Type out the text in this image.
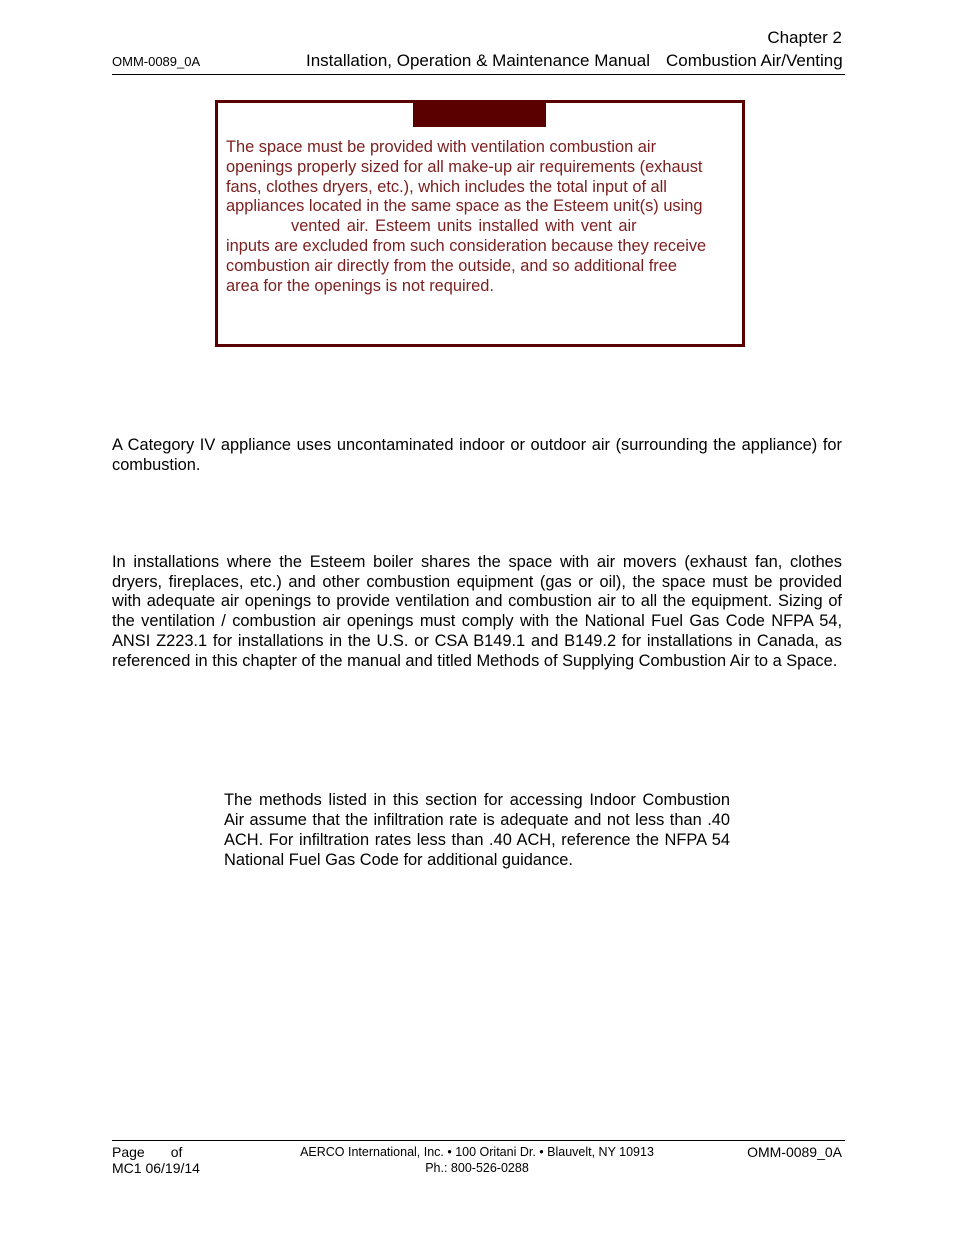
Chapter 2
OMM-0089_0A	Installation, Operation & Maintenance Manual Combustion Air/Venting

The space must be provided with ventilation combustion air

openings properly sized for all make-up air requirements (exhaust

fans, clothes dryers, etc.), which includes the total input of all

appliances located in the same space as the Esteem unit(s) using

vented air. Esteem units installed with vent air

inputs are excluded from such consideration because they receive

combustion air directly from the outside, and so additional free

area for the openings is not required.

A Category IV appliance uses uncontaminated indoor or outdoor air (surrounding the appliance) for combustion.

In installations where the Esteem boiler shares the space with air movers (exhaust fan, clothes dryers, fireplaces, etc.) and other combustion equipment (gas or oil), the space must be provided with adequate air openings to provide ventilation and combustion air to all the equipment. Sizing of the ventilation / combustion air openings must comply with the National Fuel Gas Code NFPA 54, ANSI Z223.1 for installations in the U.S. or CSA B149.1 and B149.2 for installations in Canada, as referenced in this chapter of the manual and titled Methods of Supplying Combustion Air to a Space.

The methods listed in this section for accessing Indoor Combustion Air assume that the infiltration rate is adequate and not less than .40 ACH. For infiltration rates less than .40 ACH, reference the NFPA 54 National Fuel Gas Code for additional guidance.
Page of
MC1 06/19/14
AERCO International, Inc. • 100 Oritani Dr. • Blauvelt, NY 10913
Ph.: 800-526-0288
OMM-0089_0A
